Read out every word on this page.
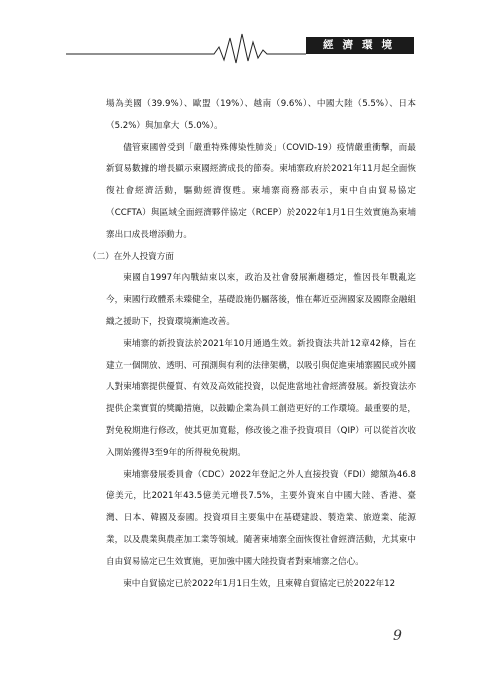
經濟環境

場為美國（39.9%）、歐盟（19%）、越南（9.6%）、中國大陸（5.5%）、日本（5.2%）與加拿大（5.0%）。

儘管柬國曾受到「嚴重特殊傳染性肺炎」（COVID-19）疫情嚴重衝擊，而最新貿易數據的增長顯示柬國經濟成長的節奏。柬埔寨政府於2021年11月起全面恢復社會經濟活動，驅動經濟復甦。柬埔寨商務部表示，柬中自由貿易協定（CCFTA）與區域全面經濟夥伴協定（RCEP）於2022年1月1日生效實施為柬埔寨出口成長增添動力。

（二）在外人投資方面

柬國自1997年內戰結束以來，政治及社會發展漸趨穩定，惟因長年戰亂迄今，柬國行政體系未臻健全，基礎設施仍屬落後，惟在鄰近亞洲國家及國際金融組織之援助下，投資環境漸進改善。

柬埔寨的新投資法於2021年10月通過生效。新投資法共計12章42條，旨在建立一個開放、透明、可預測與有利的法律架構，以吸引與促進柬埔寨國民或外國人對柬埔寨提供優質、有效及高效能投資，以促進當地社會經濟發展。新投資法亦提供企業實質的獎勵措施，以鼓勵企業為員工創造更好的工作環境。最重要的是，對免稅期進行修改，使其更加寬鬆，修改後之准予投資項目（QIP）可以從首次收入開始獲得3至9年的所得稅免稅期。

柬埔寨發展委員會（CDC）2022年登記之外人直接投資（FDI）總額為46.8億美元，比2021年43.5億美元增長7.5%，主要外資來自中國大陸、香港、臺灣、日本、韓國及泰國。投資項目主要集中在基礎建設、製造業、旅遊業、能源業，以及農業與農產加工業等領域。隨著柬埔寨全面恢復社會經濟活動，尤其柬中自由貿易協定已生效實施，更加強中國大陸投資者對柬埔寨之信心。

柬中自貿協定已於2022年1月1日生效，且柬韓自貿協定已於2022年12

9
